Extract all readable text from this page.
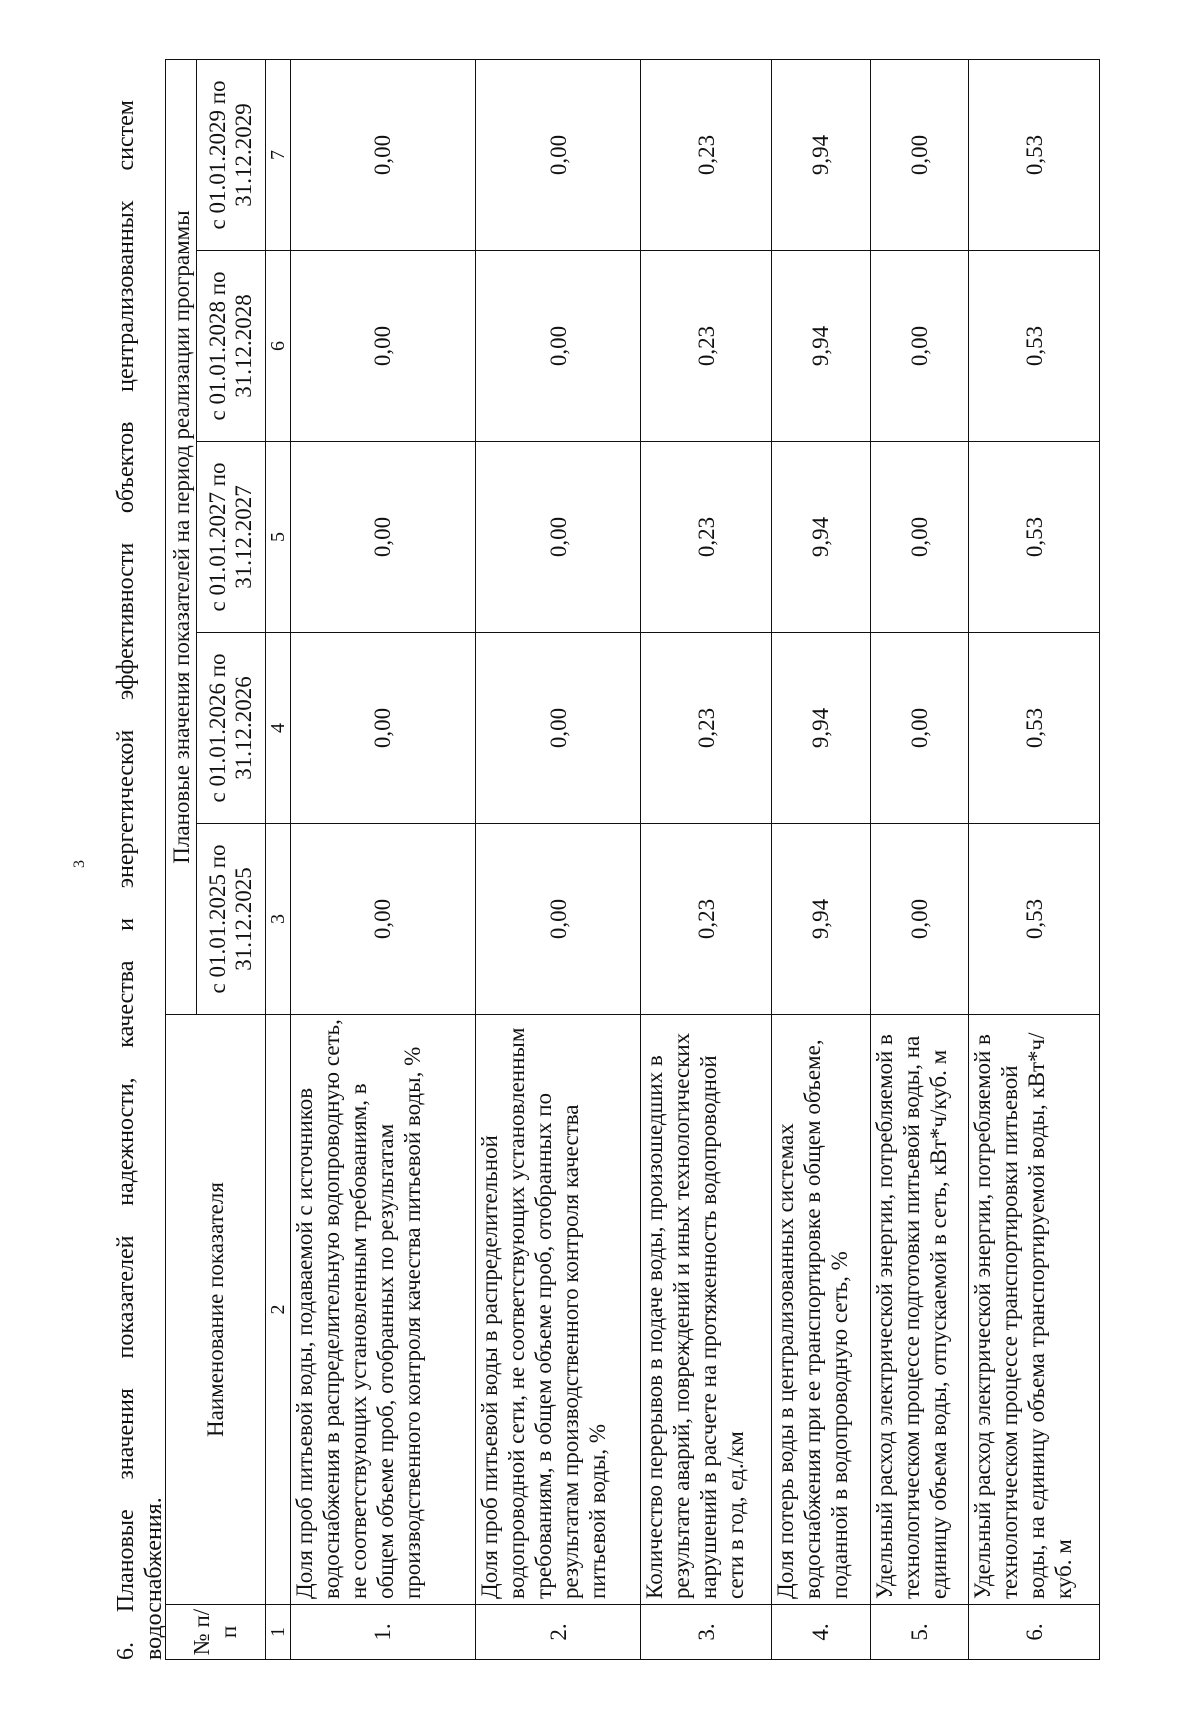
3 6. Плановые значения показателей надежности, качества и энергетической эффективности объектов централизованных систем водоснабжения. № п/п	Наименование показателя	Плановые значения показателей на период реализации программы				
		с 01.01.2025 по 31.12.2025	с 01.01.2026 по 31.12.2026	с 01.01.2027 по 31.12.2027	с 01.01.2028 по 31.12.2028	с 01.01.2029 по 31.12.2029
1	2	3	4	5	6	7
1.	Доля проб питьевой воды, подаваемой с источников водоснабжения в распределительную водопроводную сеть, не соответствующих установленным требованиям, в общем объеме проб, отобранных по результатам производственного контроля качества питьевой воды, %	0,00	0,00	0,00	0,00	0,00
2.	Доля проб питьевой воды в распределительной водопроводной сети, не соответствующих установленным требованиям, в общем объеме проб, отобранных по результатам производственного контроля качества питьевой воды, %	0,00	0,00	0,00	0,00	0,00
3.	Количество перерывов в подаче воды, произошедших в результате аварий, повреждений и иных технологических нарушений в расчете на протяженность водопроводной сети в год, ед./км	0,23	0,23	0,23	0,23	0,23
4.	Доля потерь воды в централизованных системах водоснабжения при ее транспортировке в общем объеме, поданной в водопроводную сеть, %	9,94	9,94	9,94	9,94	9,94
5.	Удельный расход электрической энергии, потребляемой в технологическом процессе подготовки питьевой воды, на единицу объема воды, отпускаемой в сеть, кВт*ч/куб. м	0,00	0,00	0,00	0,00	0,00
6.	Удельный расход электрической энергии, потребляемой в технологическом процессе транспортировки питьевой воды, на единицу объема транспортируемой воды, кВт*ч/куб. м	0,53	0,53	0,53	0,53	0,53
